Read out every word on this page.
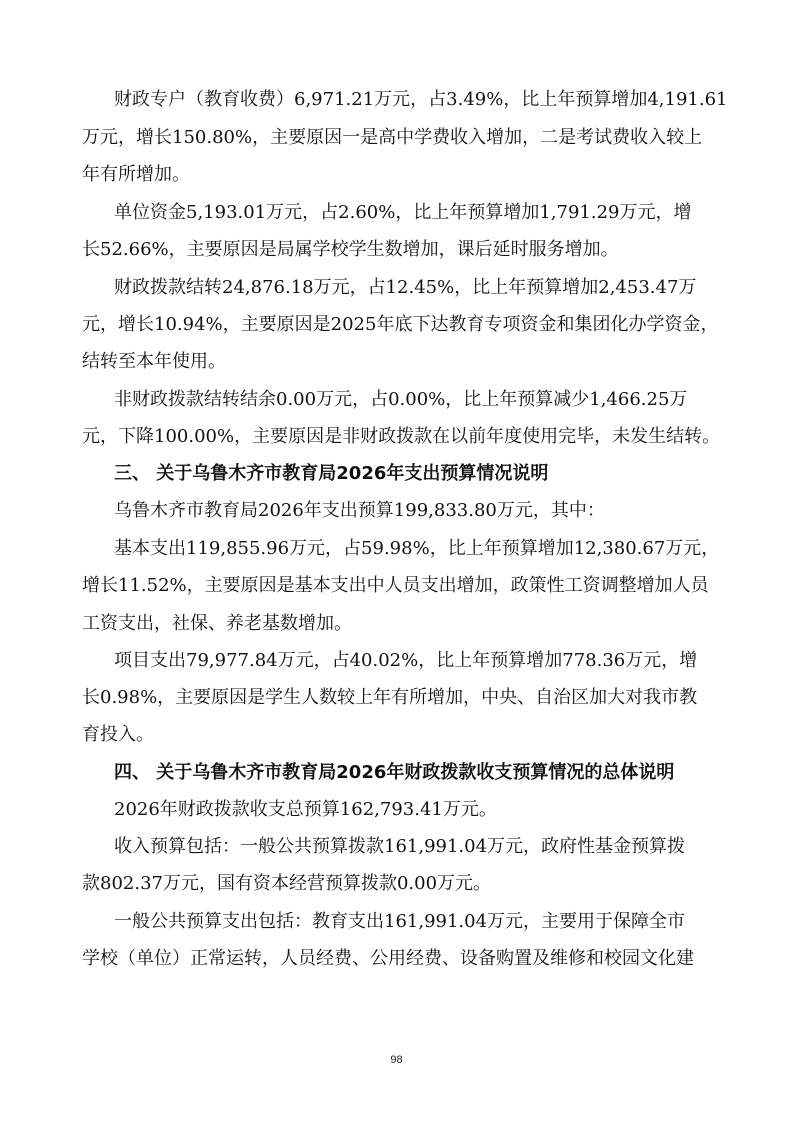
财政专户（教育收费）6,971.21万元，占3.49%，比上年预算增加4,191.61
万元，增长150.80%，主要原因一是高中学费收入增加，二是考试费收入较上
年有所增加。
单位资金5,193.01万元，占2.60%，比上年预算增加1,791.29万元，增
长52.66%，主要原因是局属学校学生数增加，课后延时服务增加。
财政拨款结转24,876.18万元，占12.45%，比上年预算增加2,453.47万
元，增长10.94%，主要原因是2025年底下达教育专项资金和集团化办学资金，
结转至本年使用。
非财政拨款结转结余0.00万元，占0.00%，比上年预算减少1,466.25万
元，下降100.00%，主要原因是非财政拨款在以前年度使用完毕，未发生结转。
三、 关于乌鲁木齐市教育局2026年支出预算情况说明
乌鲁木齐市教育局2026年支出预算199,833.80万元，其中：
基本支出119,855.96万元，占59.98%，比上年预算增加12,380.67万元，
增长11.52%，主要原因是基本支出中人员支出增加，政策性工资调整增加人员
工资支出，社保、养老基数增加。
项目支出79,977.84万元，占40.02%，比上年预算增加778.36万元，增
长0.98%，主要原因是学生人数较上年有所增加，中央、自治区加大对我市教
育投入。
四、 关于乌鲁木齐市教育局2026年财政拨款收支预算情况的总体说明
2026年财政拨款收支总预算162,793.41万元。
收入预算包括：一般公共预算拨款161,991.04万元，政府性基金预算拨
款802.37万元，国有资本经营预算拨款0.00万元。
一般公共预算支出包括：教育支出161,991.04万元，主要用于保障全市
学校（单位）正常运转，人员经费、公用经费、设备购置及维修和校园文化建
98
